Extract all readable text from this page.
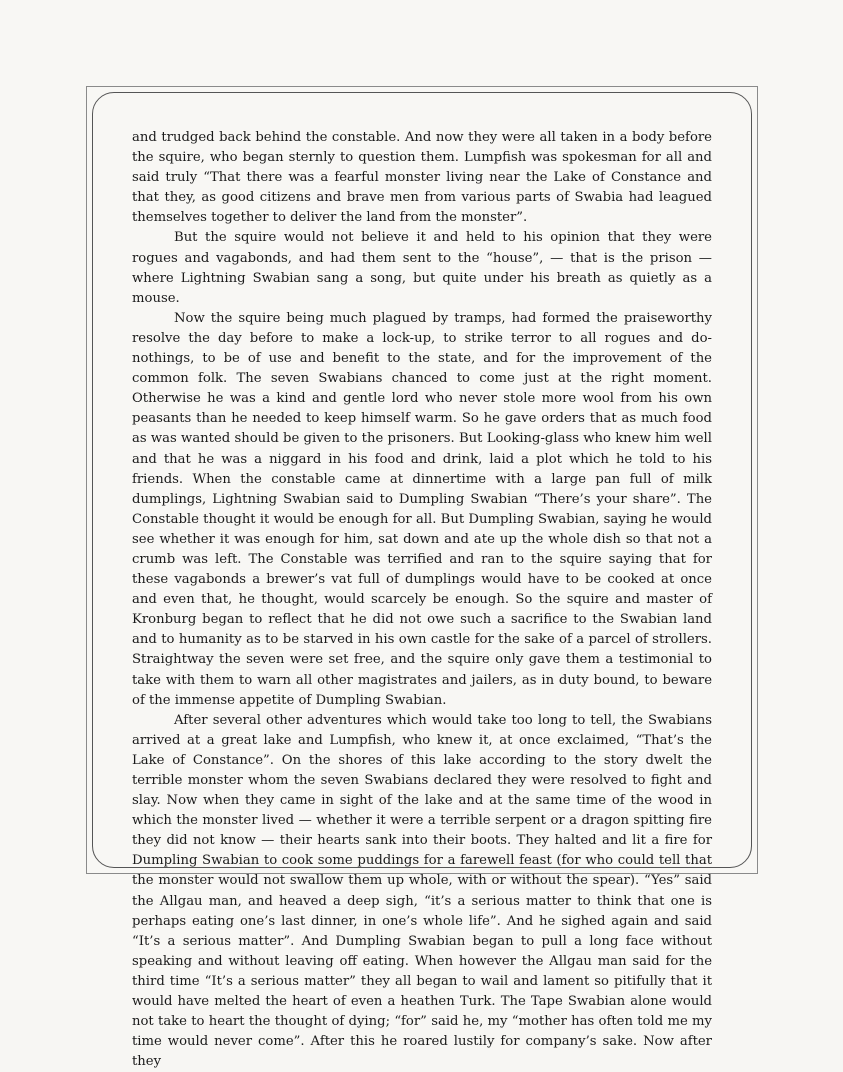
and trudged back behind the constable. And now they were all taken in a body before the squire, who began sternly to question them. Lumpfish was spokesman for all and said truly “That there was a fearful monster living near the Lake of Constance and that they, as good citizens and brave men from various parts of Swabia had leagued themselves together to deliver the land from the monster”.

But the squire would not believe it and held to his opinion that they were rogues and vagabonds, and had them sent to the “house”, — that is the prison — where Lightning Swabian sang a song, but quite under his breath as quietly as a mouse.

Now the squire being much plagued by tramps, had formed the praiseworthy resolve the day before to make a lock-up, to strike terror to all rogues and do-nothings, to be of use and benefit to the state, and for the improvement of the common folk. The seven Swabians chanced to come just at the right moment. Otherwise he was a kind and gentle lord who never stole more wool from his own peasants than he needed to keep himself warm. So he gave orders that as much food as was wanted should be given to the prisoners. But Looking-glass who knew him well and that he was a niggard in his food and drink, laid a plot which he told to his friends. When the constable came at dinnertime with a large pan full of milk dumplings, Lightning Swabian said to Dumpling Swabian “There’s your share”. The Constable thought it would be enough for all. But Dumpling Swabian, saying he would see whether it was enough for him, sat down and ate up the whole dish so that not a crumb was left. The Constable was terrified and ran to the squire saying that for these vagabonds a brewer’s vat full of dumplings would have to be cooked at once and even that, he thought, would scarcely be enough. So the squire and master of Kronburg began to reflect that he did not owe such a sacrifice to the Swabian land and to humanity as to be starved in his own castle for the sake of a parcel of strollers. Straightway the seven were set free, and the squire only gave them a testimonial to take with them to warn all other magistrates and jailers, as in duty bound, to beware of the immense appetite of Dumpling Swabian.

After several other adventures which would take too long to tell, the Swabians arrived at a great lake and Lumpfish, who knew it, at once exclaimed, “That’s the Lake of Constance”. On the shores of this lake according to the story dwelt the terrible monster whom the seven Swabians declared they were resolved to fight and slay. Now when they came in sight of the lake and at the same time of the wood in which the monster lived — whether it were a terrible serpent or a dragon spitting fire they did not know — their hearts sank into their boots. They halted and lit a fire for Dumpling Swabian to cook some puddings for a farewell feast (for who could tell that the monster would not swallow them up whole, with or without the spear). “Yes” said the Allgau man, and heaved a deep sigh, “it’s a serious matter to think that one is perhaps eating one’s last dinner, in one’s whole life”. And he sighed again and said “It’s a serious matter”. And Dumpling Swabian began to pull a long face without speaking and without leaving off eating. When however the Allgau man said for the third time “It’s a serious matter” they all began to wail and lament so pitifully that it would have melted the heart of even a heathen Turk. The Tape Swabian alone would not take to heart the thought of dying; “for” said he, my “mother has often told me my time would never come”. After this he roared lustily for company’s sake. Now after they
